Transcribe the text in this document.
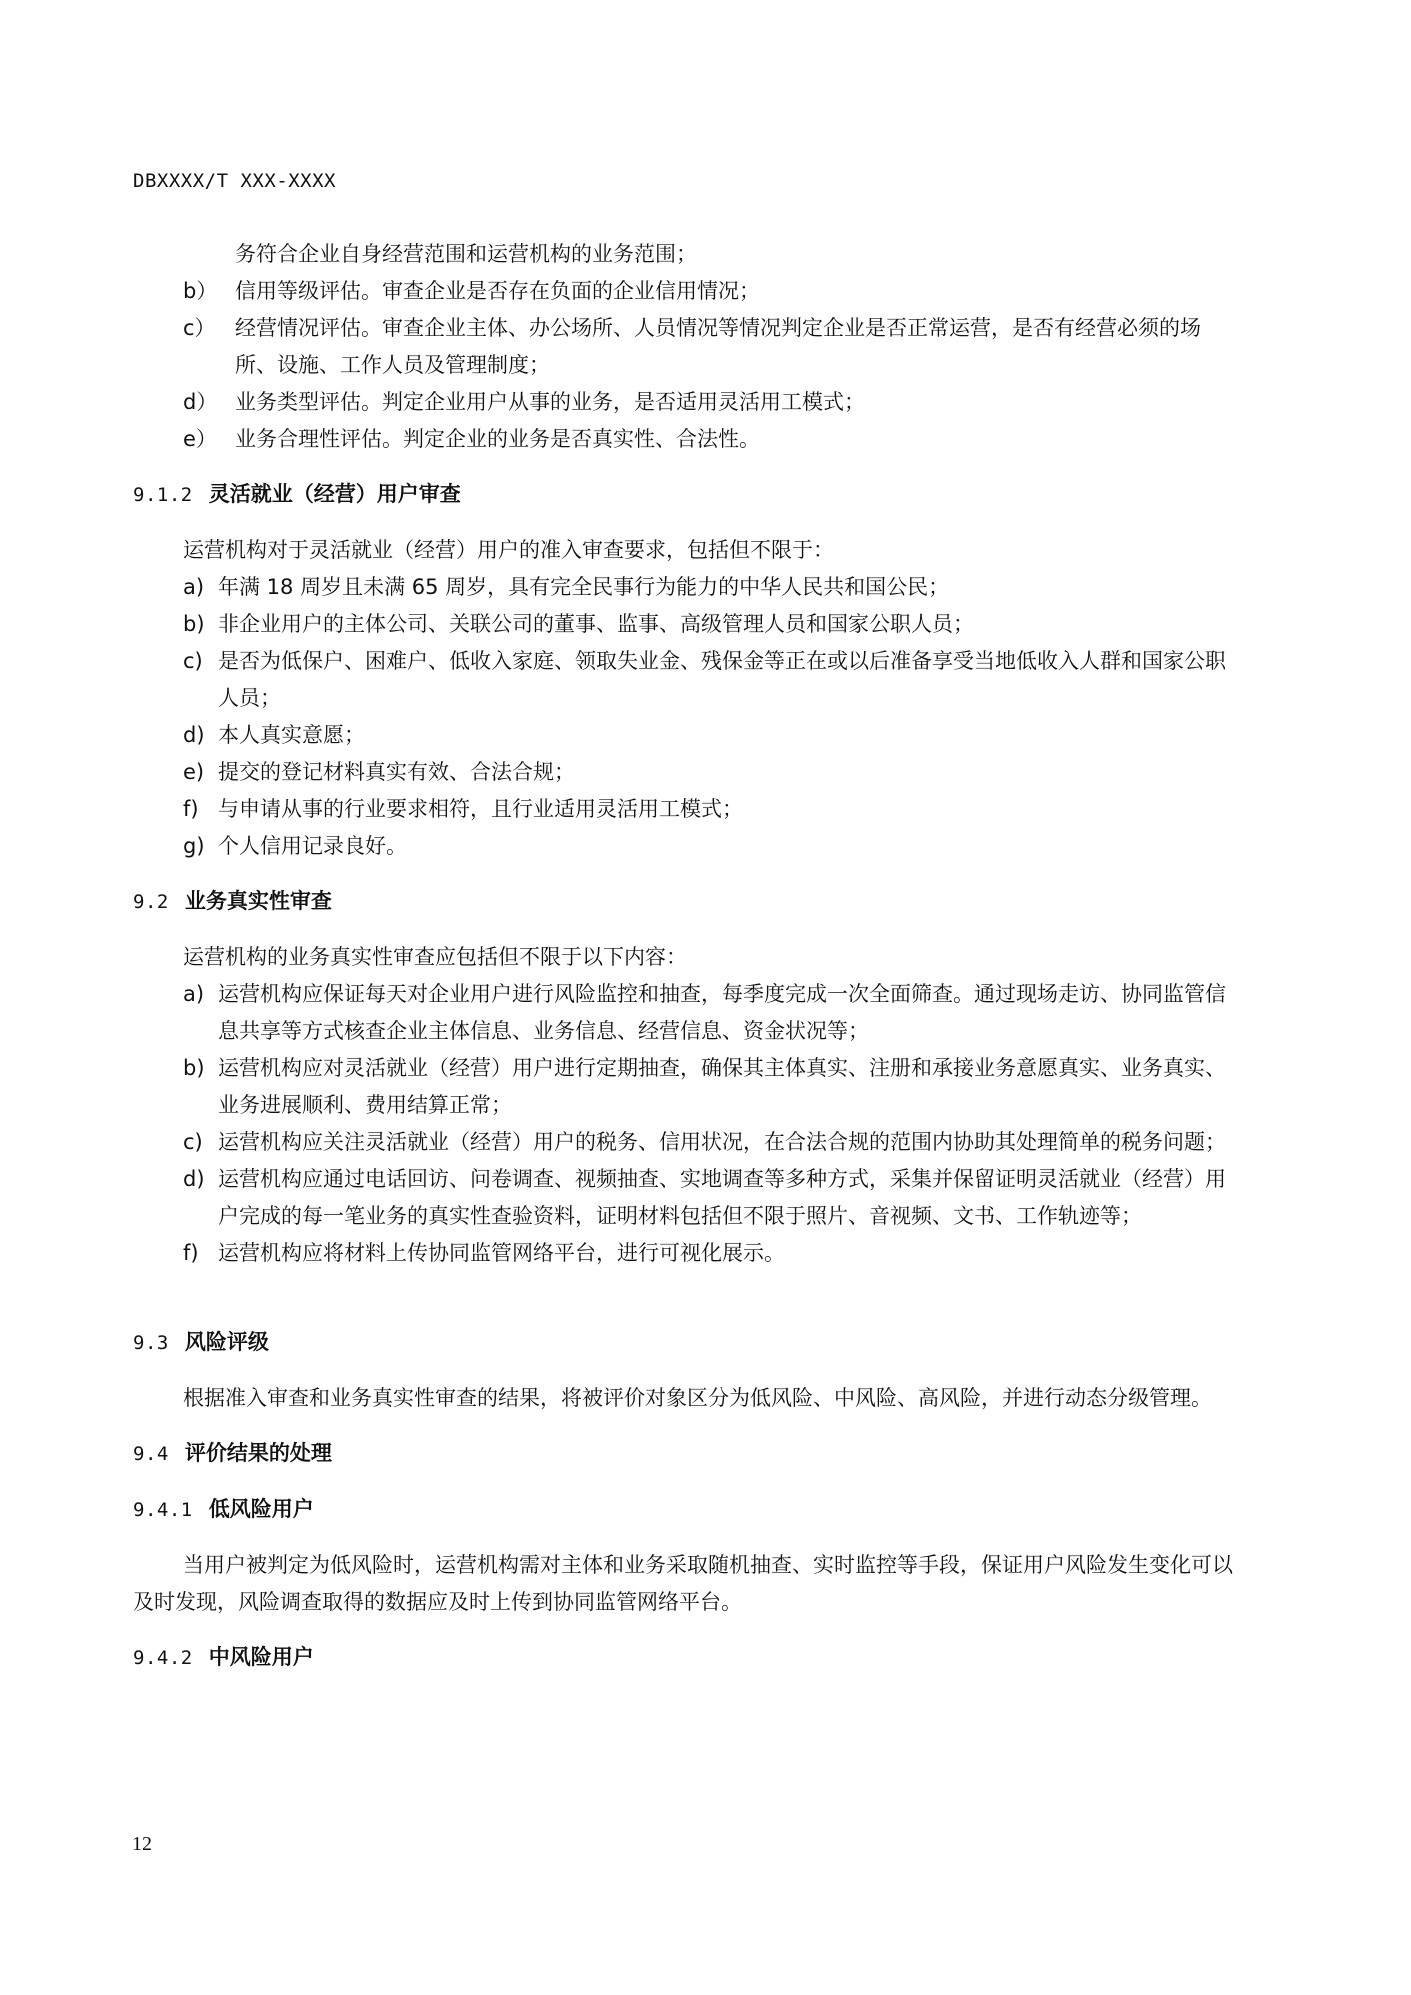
DBXXXX/T XXX-XXXX
务符合企业自身经营范围和运营机构的业务范围；
b） 信用等级评估。审查企业是否存在负面的企业信用情况；
c） 经营情况评估。审查企业主体、办公场所、人员情况等情况判定企业是否正常运营，是否有经营必须的场所、设施、工作人员及管理制度；
d） 业务类型评估。判定企业用户从事的业务，是否适用灵活用工模式；
e） 业务合理性评估。判定企业的业务是否真实性、合法性。
9.1.2 灵活就业（经营）用户审查
运营机构对于灵活就业（经营）用户的准入审查要求，包括但不限于：
a) 年满 18 周岁且未满 65 周岁，具有完全民事行为能力的中华人民共和国公民；
b) 非企业用户的主体公司、关联公司的董事、监事、高级管理人员和国家公职人员；
c) 是否为低保户、困难户、低收入家庭、领取失业金、残保金等正在或以后准备享受当地低收入人群和国家公职人员；
d) 本人真实意愿；
e) 提交的登记材料真实有效、合法合规；
f) 与申请从事的行业要求相符，且行业适用灵活用工模式；
g) 个人信用记录良好。
9.2 业务真实性审查
运营机构的业务真实性审查应包括但不限于以下内容：
a) 运营机构应保证每天对企业用户进行风险监控和抽查，每季度完成一次全面筛查。通过现场走访、协同监管信息共享等方式核查企业主体信息、业务信息、经营信息、资金状况等；
b) 运营机构应对灵活就业（经营）用户进行定期抽查，确保其主体真实、注册和承接业务意愿真实、业务真实、业务进展顺利、费用结算正常；
c) 运营机构应关注灵活就业（经营）用户的税务、信用状况，在合法合规的范围内协助其处理简单的税务问题；
d) 运营机构应通过电话回访、问卷调查、视频抽查、实地调查等多种方式，采集并保留证明灵活就业（经营）用户完成的每一笔业务的真实性查验资料，证明材料包括但不限于照片、音视频、文书、工作轨迹等；
f) 运营机构应将材料上传协同监管网络平台，进行可视化展示。
9.3 风险评级
根据准入审查和业务真实性审查的结果，将被评价对象区分为低风险、中风险、高风险，并进行动态分级管理。
9.4 评价结果的处理
9.4.1 低风险用户
当用户被判定为低风险时，运营机构需对主体和业务采取随机抽查、实时监控等手段，保证用户风险发生变化可以及时发现，风险调查取得的数据应及时上传到协同监管网络平台。
9.4.2 中风险用户
12
